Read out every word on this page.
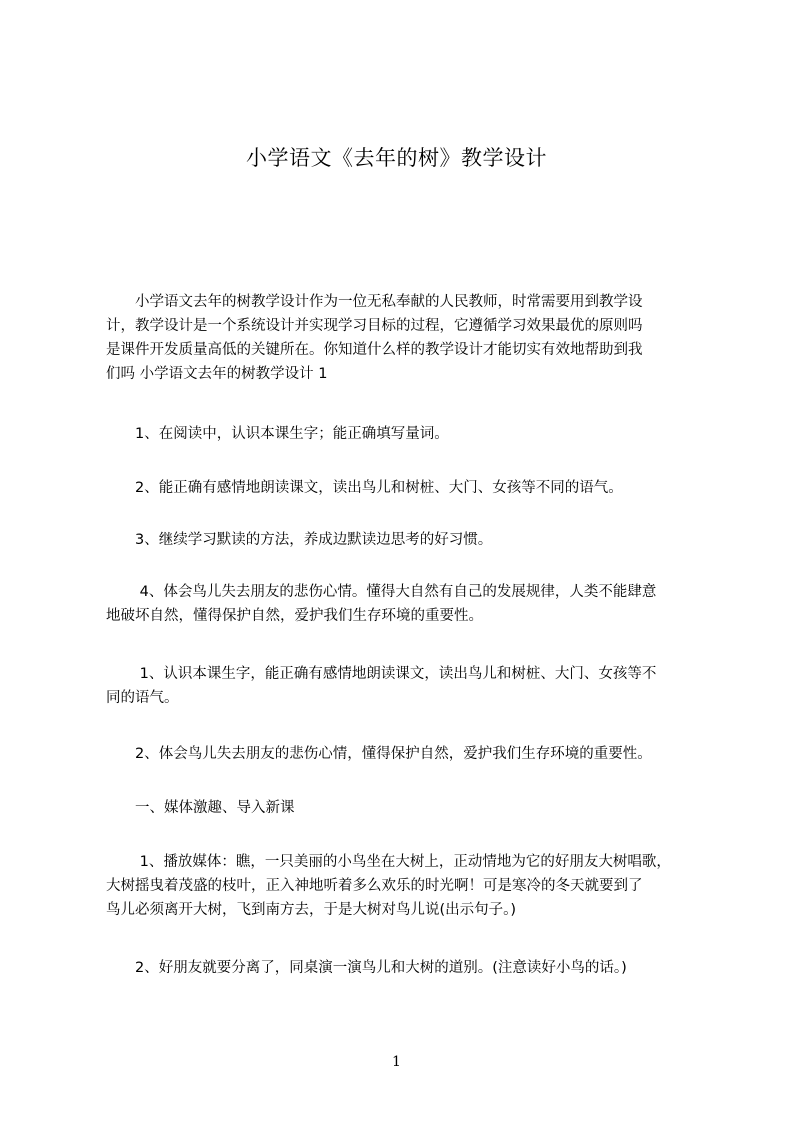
小学语文《去年的树》教学设计
　　小学语文去年的树教学设计作为一位无私奉献的人民教师，时常需要用到教学设
计，教学设计是一个系统设计并实现学习目标的过程，它遵循学习效果最优的原则吗
是课件开发质量高低的关键所在。你知道什么样的教学设计才能切实有效地帮助到我
们吗 小学语文去年的树教学设计 1
　　1、在阅读中，认识本课生字；能正确填写量词。
　　2、能正确有感情地朗读课文，读出鸟儿和树桩、大门、女孩等不同的语气。
　　3、继续学习默读的方法，养成边默读边思考的好习惯。
　　 4、体会鸟儿失去朋友的悲伤心情。懂得大自然有自己的发展规律，人类不能肆意
地破坏自然，懂得保护自然，爱护我们生存环境的重要性。
　　 1、认识本课生字，能正确有感情地朗读课文，读出鸟儿和树桩、大门、女孩等不
同的语气。
　　2、体会鸟儿失去朋友的悲伤心情，懂得保护自然，爱护我们生存环境的重要性。
　　一、媒体激趣、导入新课
　　 1、播放媒体：瞧，一只美丽的小鸟坐在大树上，正动情地为它的好朋友大树唱歌，
大树摇曳着茂盛的枝叶，正入神地听着多么欢乐的时光啊！可是寒冷的冬天就要到了
鸟儿必须离开大树，飞到南方去，于是大树对鸟儿说(出示句子。)
　　2、好朋友就要分离了，同桌演一演鸟儿和大树的道别。(注意读好小鸟的话。)
1
